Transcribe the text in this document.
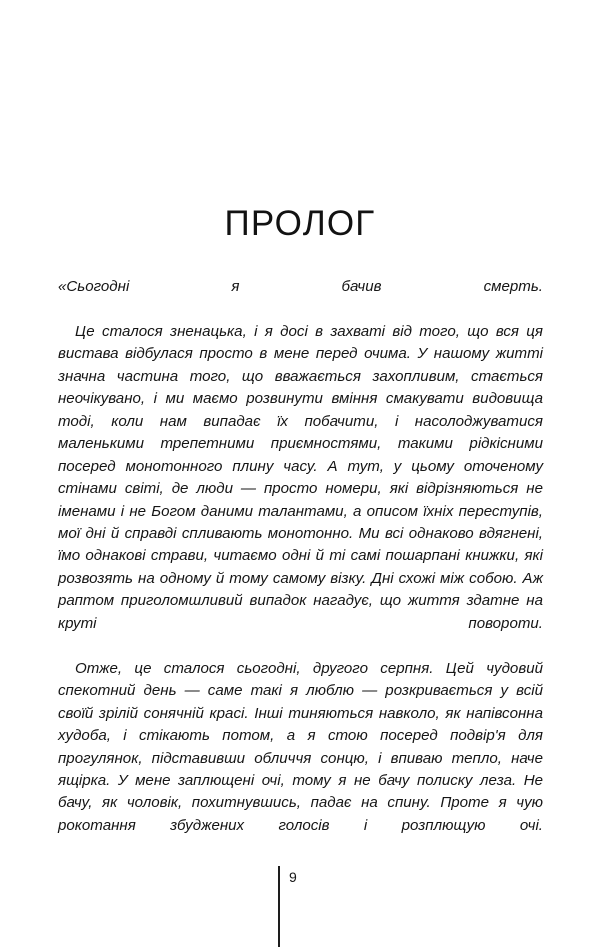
ПРОЛОГ

«Сьогодні я бачив смерть.

Це сталося зненацька, і я досі в захваті від того, що вся ця вистава відбулася просто в мене перед очима. У нашому житті значна частина того, що вважається захопливим, стається неочікувано, і ми маємо розвинути вміння смакувати видовища тоді, коли нам випадає їх побачити, і насолоджуватися маленькими трепетними приємностями, такими рідкісними посеред монотонного плину часу. А тут, у цьому оточеному стінами світі, де люди — просто номери, які відрізняються не іменами і не Богом даними талантами, а описом їхніх переступів, мої дні й справді спливають монотонно. Ми всі однаково вдягнені, їмо однакові страви, читаємо одні й ті самі пошарпані книжки, які розвозять на одному й тому самому візку. Дні схожі між собою. Аж раптом приголомшливий випадок нагадує, що життя здатне на круті повороти.

Отже, це сталося сьогодні, другого серпня. Цей чудовий спекотний день — саме такі я люблю — розкривається у всій своїй зрілій сонячній красі. Інші тиняються навколо, як напівсонна худоба, і стікають потом, а я стою посеред подвір'я для прогулянок, підставивши обличчя сонцю, і впиваю тепло, наче ящірка. У мене заплющені очі, тому я не бачу полиску леза. Не бачу, як чоловік, похитнувшись, падає на спину. Проте я чую рокотання збуджених голосів і розплющую очі.

9
